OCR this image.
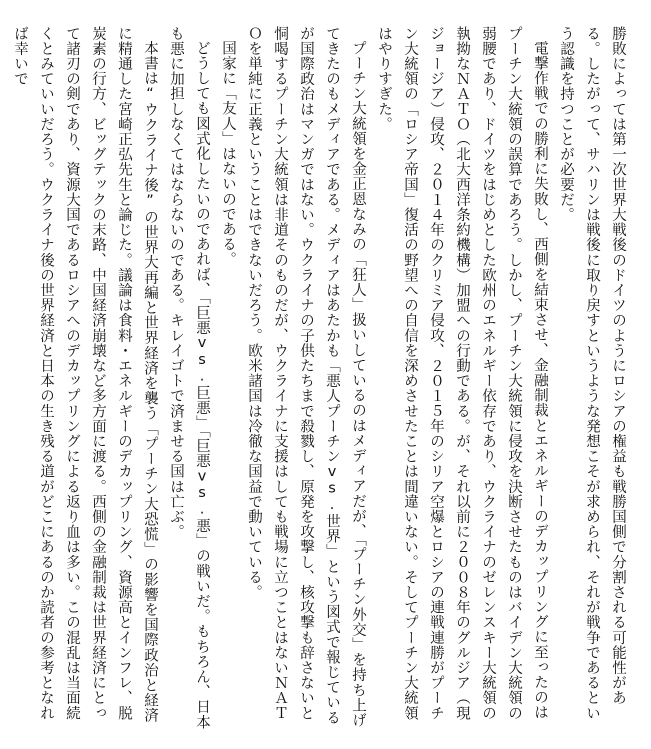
勝敗によっては第一次世界大戦後のドイツのようにロシアの権益も戦勝国側で分割される可能性がある。したがって、サハリンは戦後に取り戻すというような発想こそが求められ、それが戦争であるという認識を持つことが必要だ。

電撃作戦での勝利に失敗し、西側を結束させ、金融制裁とエネルギーのデカップリングに至ったのはプーチン大統領の誤算であろう。しかし、プーチン大統領に侵攻を決断させたものはバイデン大統領の弱腰であり、ドイツをはじめとした欧州のエネルギー依存であり、ウクライナのゼレンスキー大統領の執拗なＮＡＴＯ（北大西洋条約機構）加盟への行動である。が、それ以前に２００８年のグルジア（現ジョージア）侵攻、２０１４年のクリミア侵攻、２０１５年のシリア空爆とロシアの連戦連勝がプーチン大統領の「ロシア帝国」復活の野望への自信を深めさせたことは間違いない。そしてプーチン大統領はやりすぎた。

プーチン大統領を金正恩なみの「狂人」扱いしているのはメディアだが、「プーチン外交」を持ち上げてきたのもメディアである。メディアはあたかも「悪人プーチンvs.世界」という図式で報じているが国際政治はマンガではない。ウクライナの子供たちまで殺戮し、原発を攻撃し、核攻撃も辞さないと恫喝するプーチン大統領は非道そのものだが、ウクライナに支援はしても戦場に立つことはないＮＡＴＯを単純に正義ということはできないだろう。欧米諸国は冷徹な国益で動いている。

国家に「友人」はないのである。

どうしても図式化したいのであれば、「巨悪vs.巨悪」「巨悪vs.悪」の戦いだ。もちろん、日本も悪に加担しなくてはならないのである。キレイゴトで済ませる国は亡ぶ。

本書は“ウクライナ後”の世界大再編と世界経済を襲う「プーチン大恐慌」の影響を国際政治と経済に精通した宮崎正弘先生と論じた。議論は食料・エネルギーのデカップリング、資源高とインフレ、脱炭素の行方、ビッグテックの末路、中国経済崩壊など多方面に渡る。西側の金融制裁は世界経済にとって諸刃の剣であり、資源大国であるロシアへのデカップリングによる返り血は多い。この混乱は当面続くとみていいだろう。ウクライナ後の世界経済と日本の生き残る道がどこにあるのか読者の参考となれば幸いで
